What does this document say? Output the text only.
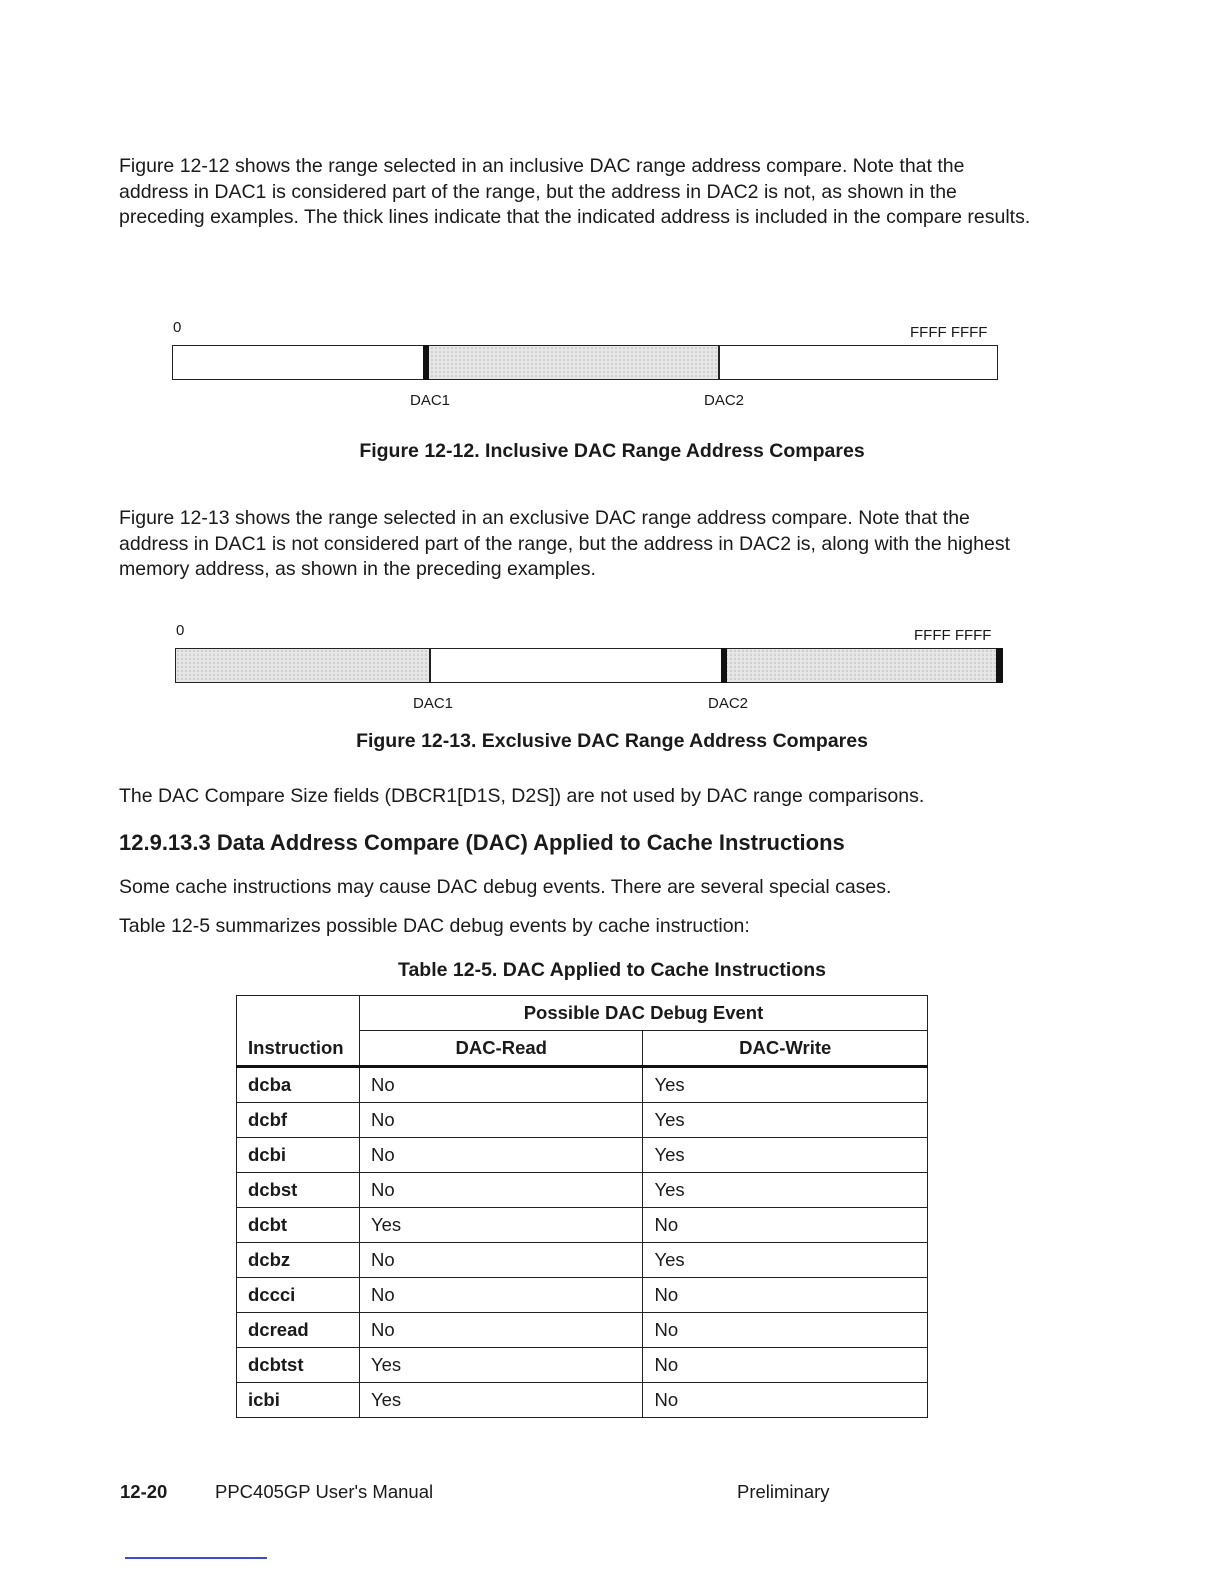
Figure 12-12 shows the range selected in an inclusive DAC range address compare. Note that the address in DAC1 is considered part of the range, but the address in DAC2 is not, as shown in the preceding examples. The thick lines indicate that the indicated address is included in the compare results.

0	FFFF FFFF
DAC1	DAC2
Figure 12-12. Inclusive DAC Range Address Compares

Figure 12-13 shows the range selected in an exclusive DAC range address compare. Note that the address in DAC1 is not considered part of the range, but the address in DAC2 is, along with the highest memory address, as shown in the preceding examples.

0	FFFF FFFF
DAC1	DAC2
Figure 12-13. Exclusive DAC Range Address Compares

The DAC Compare Size fields (DBCR1[D1S, D2S]) are not used by DAC range comparisons.

12.9.13.3 Data Address Compare (DAC) Applied to Cache Instructions

Some cache instructions may cause DAC debug events. There are several special cases.

Table 12-5 summarizes possible DAC debug events by cache instruction:

Table 12-5. DAC Applied to Cache Instructions
Instruction	Possible DAC Debug Event	
	DAC-Read	DAC-Write
dcba	No	Yes
dcbf	No	Yes
dcbi	No	Yes
dcbst	No	Yes
dcbt	Yes	No
dcbz	No	Yes
dccci	No	No
dcread	No	No
dcbtst	Yes	No
icbi	Yes	No
12-20	PPC405GP User's Manual	Preliminary
